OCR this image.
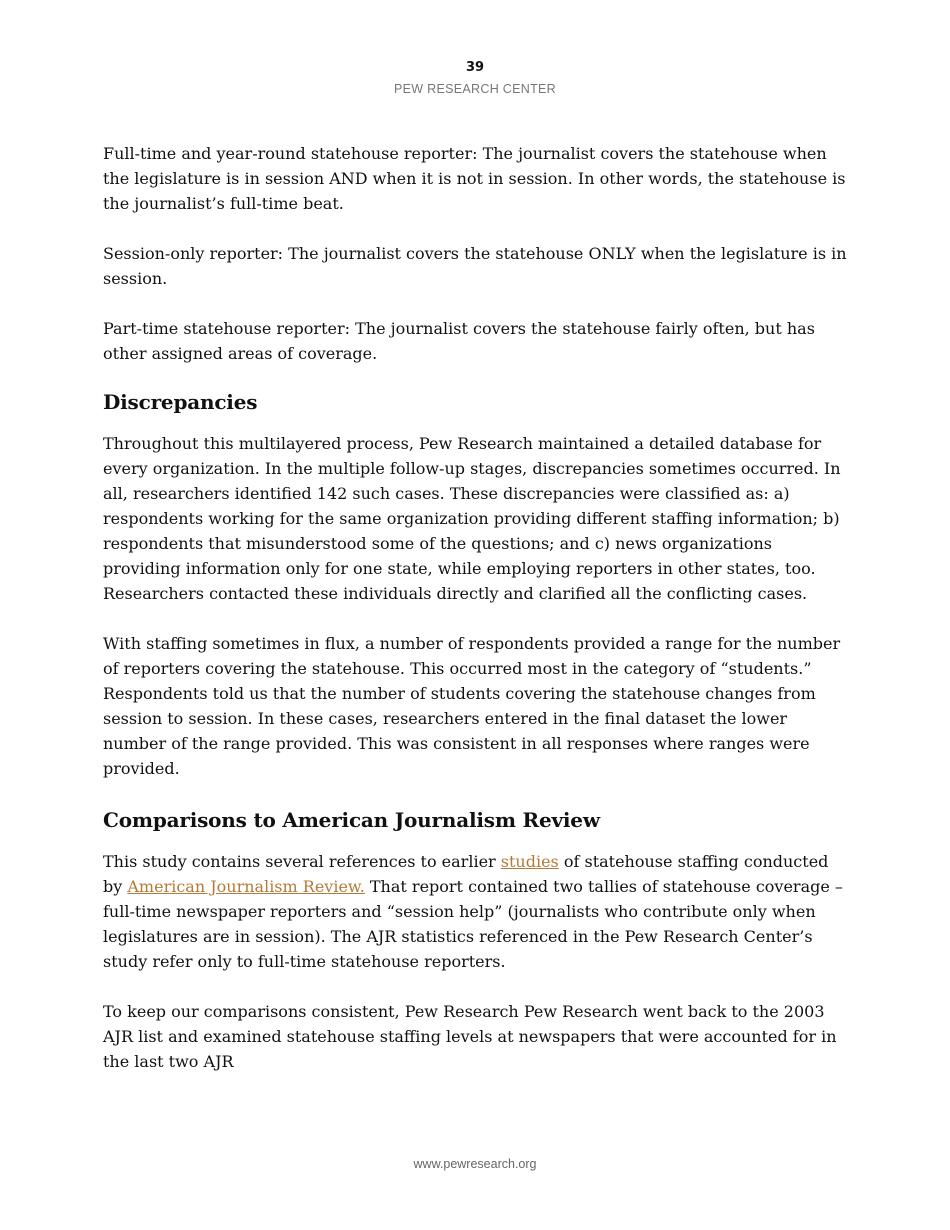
39
PEW RESEARCH CENTER

Full-time and year-round statehouse reporter: The journalist covers the statehouse when the legislature is in session AND when it is not in session. In other words, the statehouse is the journalist’s full-time beat.

Session-only reporter: The journalist covers the statehouse ONLY when the legislature is in session.

Part-time statehouse reporter: The journalist covers the statehouse fairly often, but has other assigned areas of coverage.

Discrepancies

Throughout this multilayered process, Pew Research maintained a detailed database for every organization. In the multiple follow-up stages, discrepancies sometimes occurred. In all, researchers identified 142 such cases. These discrepancies were classified as: a) respondents working for the same organization providing different staffing information; b) respondents that misunderstood some of the questions; and c) news organizations providing information only for one state, while employing reporters in other states, too. Researchers contacted these individuals directly and clarified all the conflicting cases.

With staffing sometimes in flux, a number of respondents provided a range for the number of reporters covering the statehouse. This occurred most in the category of “students.” Respondents told us that the number of students covering the statehouse changes from session to session. In these cases, researchers entered in the final dataset the lower number of the range provided. This was consistent in all responses where ranges were provided.

Comparisons to American Journalism Review

This study contains several references to earlier studies of statehouse staffing conducted by American Journalism Review. That report contained two tallies of statehouse coverage – full-time newspaper reporters and “session help” (journalists who contribute only when legislatures are in session). The AJR statistics referenced in the Pew Research Center’s study refer only to full-time statehouse reporters.

To keep our comparisons consistent, Pew Research Pew Research went back to the 2003 AJR list and examined statehouse staffing levels at newspapers that were accounted for in the last two AJR

www.pewresearch.org
